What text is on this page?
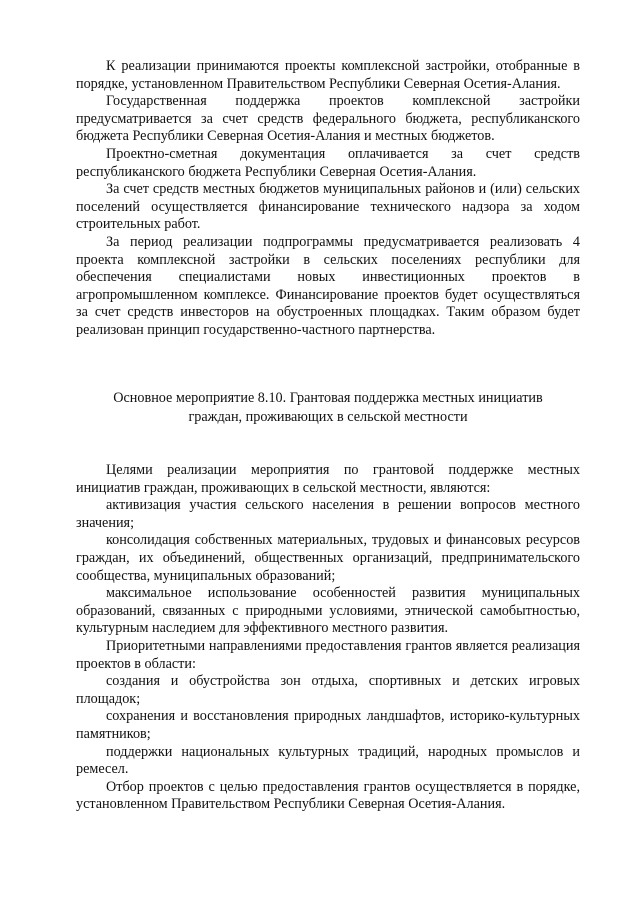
К реализации принимаются проекты комплексной застройки, отобранные в порядке, установленном Правительством Республики Северная Осетия-Алания.

Государственная поддержка проектов комплексной застройки предусматривается за счет средств федерального бюджета, республиканского бюджета Республики Северная Осетия-Алания и местных бюджетов.

Проектно-сметная документация оплачивается за счет средств республиканского бюджета Республики Северная Осетия-Алания.

За счет средств местных бюджетов муниципальных районов и (или) сельских поселений осуществляется финансирование технического надзора за ходом строительных работ.

За период реализации подпрограммы предусматривается реализовать 4 проекта комплексной застройки в сельских поселениях республики для обеспечения специалистами новых инвестиционных проектов в агропромышленном комплексе. Финансирование проектов будет осуществляться за счет средств инвесторов на обустроенных площадках. Таким образом будет реализован принцип государственно-частного партнерства.

Основное мероприятие 8.10. Грантовая поддержка местных инициатив
граждан, проживающих в сельской местности

Целями реализации мероприятия по грантовой поддержке местных инициатив граждан, проживающих в сельской местности, являются:

активизация участия сельского населения в решении вопросов местного значения;

консолидация собственных материальных, трудовых и финансовых ресурсов граждан, их объединений, общественных организаций, предпринимательского сообщества, муниципальных образований;

максимальное использование особенностей развития муниципальных образований, связанных с природными условиями, этнической самобытностью, культурным наследием для эффективного местного развития.

Приоритетными направлениями предоставления грантов является реализация проектов в области:

создания и обустройства зон отдыха, спортивных и детских игровых площадок;

сохранения и восстановления природных ландшафтов, историко-культурных памятников;

поддержки национальных культурных традиций, народных промыслов и ремесел.

Отбор проектов с целью предоставления грантов осуществляется в порядке, установленном Правительством Республики Северная Осетия-Алания.
